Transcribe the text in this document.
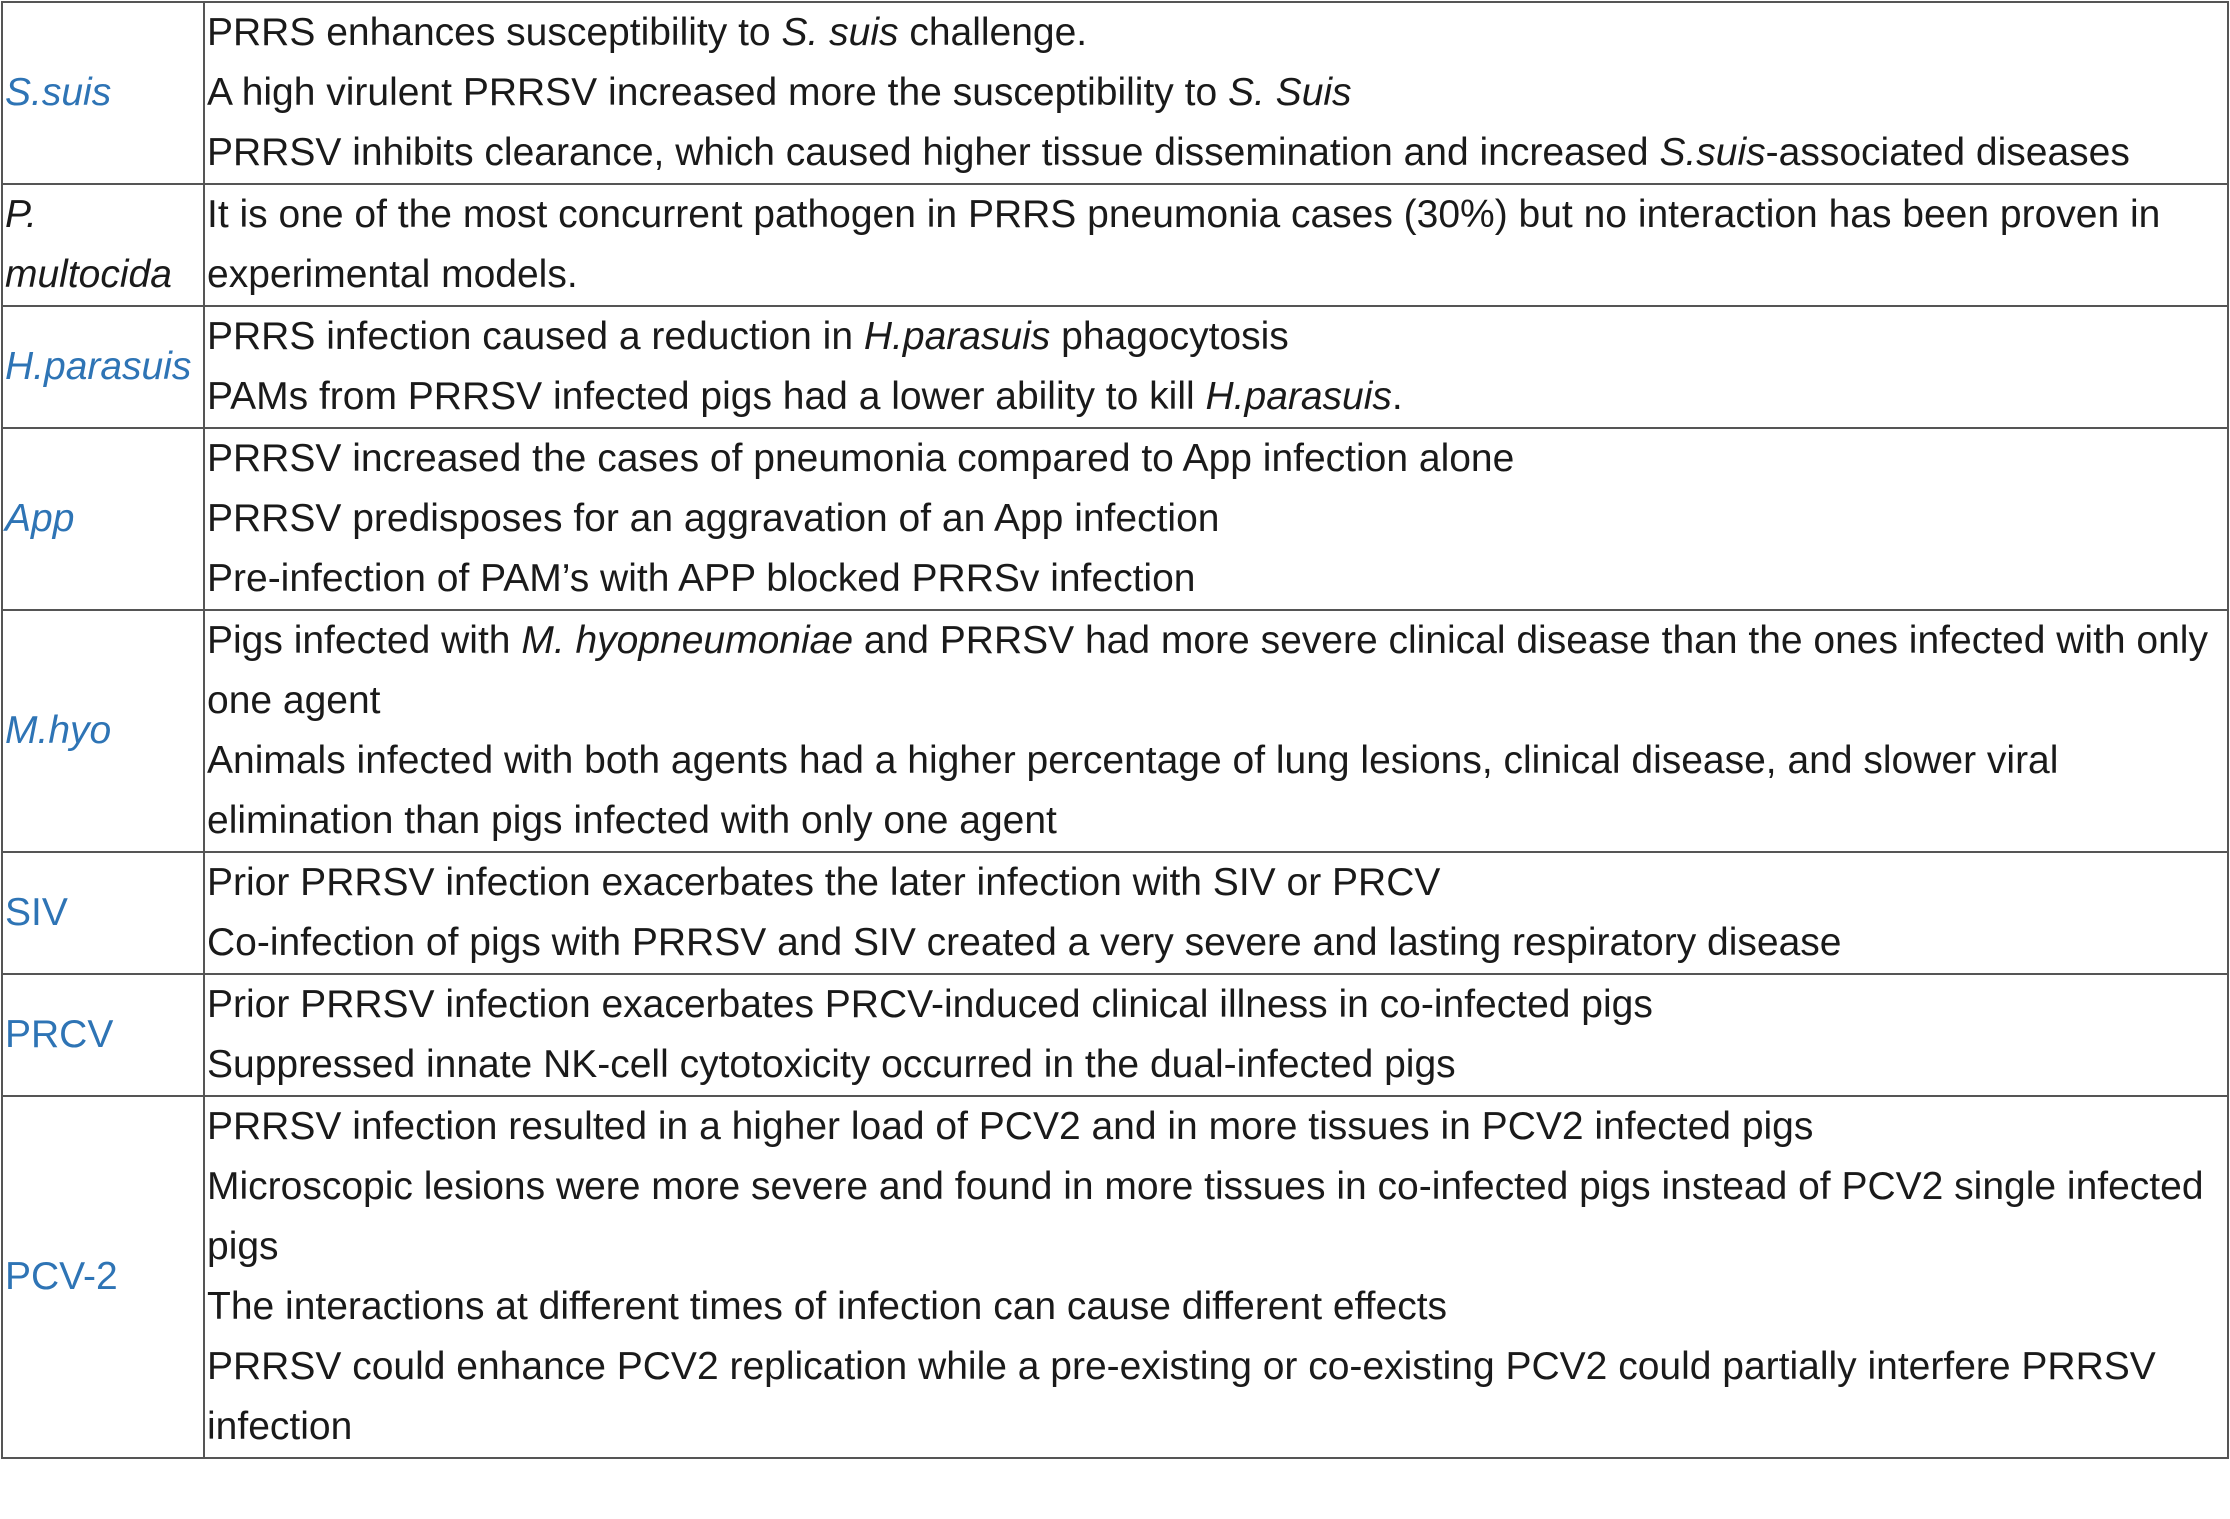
S.suis	PRRS enhances susceptibility to S. suis challenge.
A high virulent PRRSV increased more the susceptibility to S. Suis
PRRSV inhibits clearance, which caused higher tissue dissemination and increased S.suis-associated diseases

P. multocida	It is one of the most concurrent pathogen in PRRS pneumonia cases (30%) but no interaction has been proven in experimental models.

H.parasuis	PRRS infection caused a reduction in H.parasuis phagocytosis
PAMs from PRRSV infected pigs had a lower ability to kill H.parasuis.

App	PRRSV increased the cases of pneumonia compared to App infection alone
PRRSV predisposes for an aggravation of an App infection
Pre-infection of PAM’s with APP blocked PRRSv infection

M.hyo	Pigs infected with M. hyopneumoniae and PRRSV had more severe clinical disease than the ones infected with only one agent
Animals infected with both agents had a higher percentage of lung lesions, clinical disease, and slower viral elimination than pigs infected with only one agent

SIV	Prior PRRSV infection exacerbates the later infection with SIV or PRCV
Co-infection of pigs with PRRSV and SIV created a very severe and lasting respiratory disease

PRCV	Prior PRRSV infection exacerbates PRCV-induced clinical illness in co-infected pigs
Suppressed innate NK-cell cytotoxicity occurred in the dual-infected pigs

PCV-2	PRRSV infection resulted in a higher load of PCV2 and in more tissues in PCV2 infected pigs
Microscopic lesions were more severe and found in more tissues in co-infected pigs instead of PCV2 single infected pigs
The interactions at different times of infection can cause different effects
PRRSV could enhance PCV2 replication while a pre-existing or co-existing PCV2 could partially interfere PRRSV infection
